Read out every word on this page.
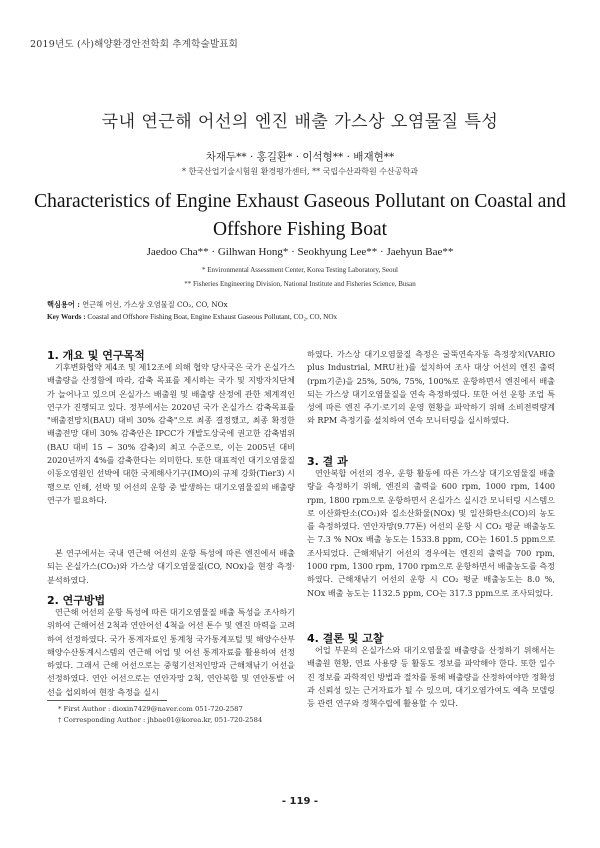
2019년도 (사)해양환경안전학회 추계학술발표회
국내 연근해 어선의 엔진 배출 가스상 오염물질 특성
차재두** · 홍길환* · 이석형** · 배재현**
* 한국산업기술시험원 환경평가센터, ** 국립수산과학원 수산공학과
Characteristics of Engine Exhaust Gaseous Pollutant on Coastal and Offshore Fishing Boat
Jaedoo Cha** · Gilhwan Hong* · Seokhyung Lee** · Jaehyun Bae**
* Environmental Assessment Center, Korea Testing Laboratory, Seoul
** Fisheries Engineering Division, National Institute and Fisheries Science, Busan
핵심용어 : 연근해 어선, 가스상 오염물질 CO₂, CO, NOx
Key Words : Coastal and Offshore Fishing Boat, Engine Exhaust Gaseous Pollutant, CO₂, CO, NOx
1. 개요 및 연구목적
기후변화협약 제4조 및 제12조에 의해 협약 당사국은 국가 온실가스 배출량을 산정함에 따라, 감축 목표를 제시하는 국가 및 지방자치단체가 늘어나고 있으며 온실가스 배출원 및 배출량 산정에 관한 체계적인 연구가 진행되고 있다. 정부에서는 2020년 국가 온실가스 감축목표를 "배출전망치(BAU) 대비 30% 감축"으로 최종 결정했고, 최종 확정한 배출전망 대비 30% 감축안은 IPCC가 개발도상국에 권고한 감축범위(BAU 대비 15 ~ 30% 감축)의 최고 수준으로, 이는 2005년 대비 2020년까지 4%를 감축한다는 의미한다. 또한 대표적인 대기오염물질 이동오염원인 선박에 대한 국제해사기구(IMO)의 규제 강화(Tier3) 시행으로 인해, 선박 및 어선의 운항 중 발생하는 대기오염물질의 배출량 연구가 필요하다.
본 연구에서는 국내 연근해 어선의 운항 특성에 따른 엔진에서 배출되는 온실가스(CO₂)와 가스상 대기오염물질(CO, NOx)을 현장 측정·분석하였다.
2. 연구방법
연근해 어선의 운항 특성에 따른 대기오염물질 배출 특성을 조사하기 위하여 근해어선 2척과 연안어선 4척을 어선 톤수 및 엔진 마력을 고려하여 선정하였다. 국가 통계자료인 통계청 국가통계포털 및 해양수산부 해양수산통계시스템의 연근해 어업 및 어선 통계자료를 활용하여 선정하였다. 그래서 근해 어선으로는 중형기선저인망과 근해채낚기 어선을 선정하였다. 연안 어선으로는 연안자망 2척, 연안복합 및 연안통발 어선을 섭외하여 현장 측정을 실시
하였다. 가스상 대기오염물질 측정은 굴뚝연속자동 측정장치(VARIO plus Industrial, MRU社)를 설치하여 조사 대상 어선의 엔진 출력(rpm기준)을 25%, 50%, 75%, 100%로 운항하면서 엔진에서 배출되는 가스상 대기오염물질을 연속 측정하였다. 또한 어선 운항 조업 특성에 따른 엔진 주기·로기의 운영 현황을 파악하기 위해 소비전력량계와 RPM 측정기를 설치하여 연속 모니터링을 실시하였다.
3. 결 과
연안복합 어선의 경우, 운항 활동에 따른 가스상 대기오염물질 배출량을 측정하기 위해, 엔진의 출력을 600 rpm, 1000 rpm, 1400 rpm, 1800 rpm으로 운항하면서 온실가스 실시간 모니터링 시스템으로 이산화탄소(CO₂)와 질소산화물(NOx) 및 일산화탄소(CO)의 농도를 측정하였다. 연안자망(9.77톤) 어선의 운항 시 CO₂ 평균 배출농도는 7.3 % NOx 배출 농도는 1533.8 ppm, CO는 1601.5 ppm으로 조사되었다. 근해채낚기 어선의 경우에는 엔진의 출력을 700 rpm, 1000 rpm, 1300 rpm, 1700 rpm으로 운항하면서 배출농도를 측정하였다. 근해채낚기 어선의 운항 시 CO₂ 평균 배출농도는 8.0 %, NOx 배출 농도는 1132.5 ppm, CO는 317.3 ppm으로 조사되었다.
4. 결론 및 고찰
어업 부문의 온실가스와 대기오염물질 배출량을 산정하기 위해서는 배출원 현황, 연료 사용량 등 활동도 정보를 파악해야 한다. 또한 일수진 정보를 과학적인 방법과 절차를 통해 배출량을 산정하여야만 정확성과 신뢰성 있는 근거자료가 될 수 있으며, 대기오염가여도 예측 모델링 등 관련 연구와 정책수립에 활용할 수 있다.
* First Author : dioxin7429@naver.com 051-720-2587
† Corresponding Author : jhbae01@korea.kr, 051-720-2584
- 119 -
